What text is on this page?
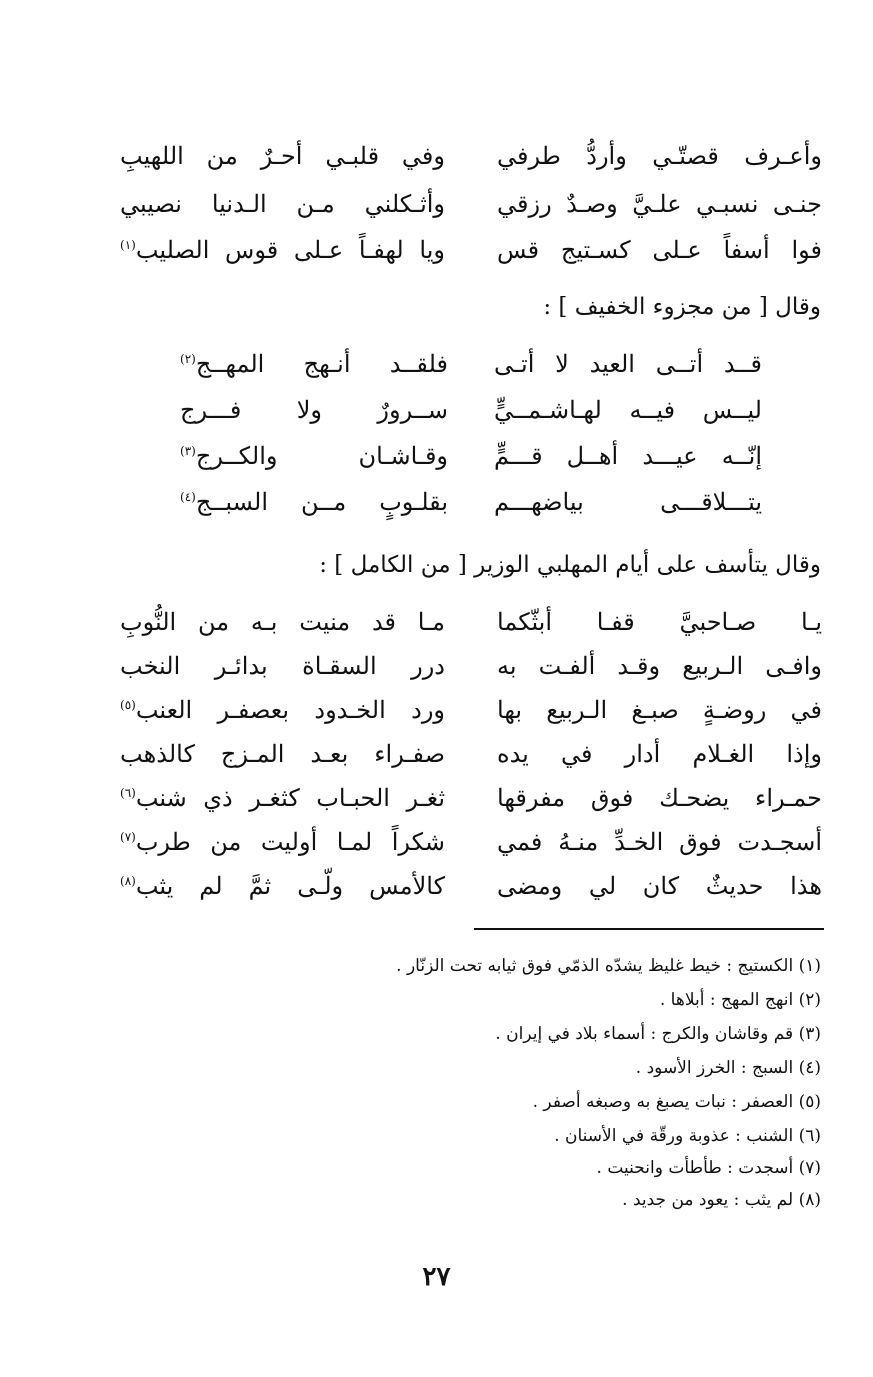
وأعـرف قصتّـي وأردُّ طرفي
وفي قلبـي أحـرٌ من اللهيبِ
جنـى نسبـي علـيَّ وصـدٌ رزقي
وأثـكلني مـن الـدنيا نصيبي
فوا أسفاً عـلى كسـتيج قس
ويا لهفـاً عـلى قوس الصليب$^{(١)}$
وقال [ من مجزوء الخفيف ] :
قــد أتــى العيد لا أتـى
فلقــد أنـهج المهــج$^{(٢)}$
ليــس فيــه لهـاشـمــيٍّ
ســرورٌ ولا فـــرج
إنّــه عيـــد أهــل قـــمٍّ
وقـاشـان والكــرج$^{(٣)}$
يتـــلاقـــى بياضهـــم
بقلـوبٍ مــن السبــج$^{(٤)}$
وقال يتأسف على أيام المهلبي الوزير [ من الكامل ] :
يـا صـاحبيَّ قفـا أبثّكما
مـا قد منيت بـه من النُّوبِ
وافـى الـربيع وقـد ألفـت به
درر السقـاة بدائـر النخب
في روضـةٍ صبـغ الـربيع بها
ورد الخـدود بعصفـر العنب$^{(٥)}$
وإذا الغـلام أدار في يده
صفـراء بعـد المـزج كالذهب
حمـراء يضحـك فوق مفرقها
ثغـر الحبـاب كثغـر ذي شنب$^{(٦)}$
أسجـدت فوق الخـدِّ منـهُ فمي
شكراً لمـا أوليت من طرب$^{(٧)}$
هذا حديثٌ كان لي ومضى
كالأمس ولّـى ثمَّ لم يثب$^{(٨)}$
(١) الكستيج : خيط غليظ يشدّه الذمّي فوق ثيابه تحت الزنّار .
(٢) انهج المهج : أبلاها .
(٣) قم وقاشان والكرج : أسماء بلاد في إيران .
(٤) السبج : الخرز الأسود .
(٥) العصفر : نبات يصبغ به وصبغه أصفر .
(٦) الشنب : عذوبة ورقّة في الأسنان .
(٧) أسجدت : طأطأت وانحنيت .
(٨) لم يثب : يعود من جديد .
٢٧
